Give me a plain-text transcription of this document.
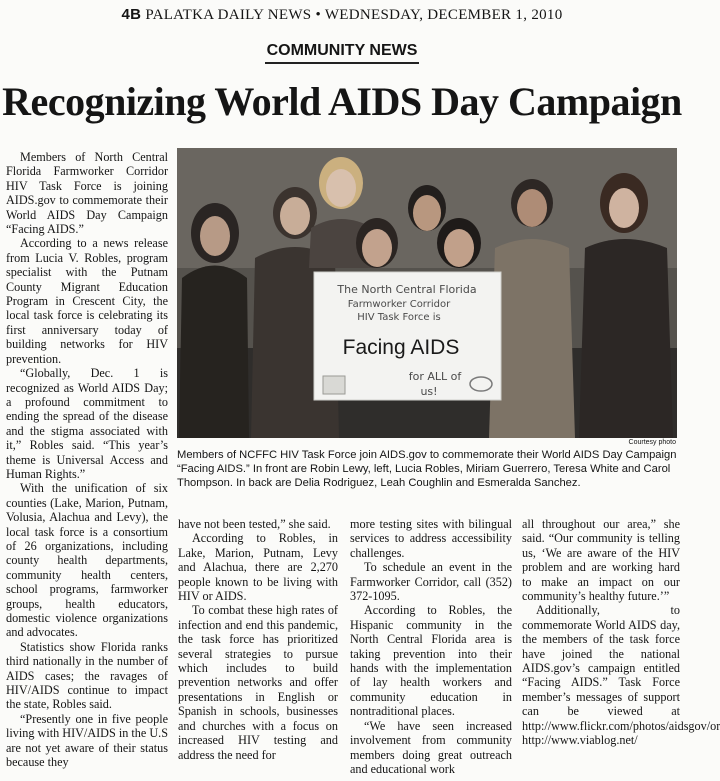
4B PALATKA DAILY NEWS • WEDNESDAY, DECEMBER 1, 2010
COMMUNITY NEWS
Recognizing World AIDS Day Campaign

Members of North Central Florida Farmworker Corridor HIV Task Force is joining AIDS.gov to commemorate their World AIDS Day Campaign “Facing AIDS.”

According to a news release from Lucia V. Robles, program specialist with the Putnam County Migrant Education Program in Crescent City, the local task force is celebrating its first anniversary today of building networks for HIV prevention.

“Globally, Dec. 1 is recognized as World AIDS Day; a profound commitment to ending the spread of the disease and the stigma associated with it,” Robles said. “This year’s theme is Universal Access and Human Rights.”

With the unification of six counties (Lake, Marion, Putnam, Volusia, Alachua and Levy), the local task force is a consortium of 26 organizations, including county health departments, community health centers, school programs, farmworker groups, health educators, domestic violence organizations and advocates.

Statistics show Florida ranks third nationally in the number of AIDS cases; the ravages of HIV/AIDS continue to impact the state, Robles said.

“Presently one in five people living with HIV/AIDS in the U.S are not yet aware of their status because they

The North Central Florida
Farmworker Corridor
HIV Task Force is
Facing AIDS
for ALL of
us!
Courtesy photo
Members of NCFFC HIV Task Force join AIDS.gov to commemorate their World AIDS Day Campaign “Facing AIDS.” In front are Robin Lewy, left, Lucia Robles, Miriam Guerrero, Teresa White and Carol Thompson. In back are Delia Rodriguez, Leah Coughlin and Esmeralda Sanchez.

have not been tested,” she said.

According to Robles, in Lake, Marion, Putnam, Levy and Alachua, there are 2,270 people known to be living with HIV or AIDS.

To combat these high rates of infection and end this pandemic, the task force has prioritized several strategies to pursue which includes to build prevention networks and offer presentations in English or Spanish in schools, businesses and churches with a focus on increased HIV testing and address the need for

more testing sites with bilingual services to address accessibility challenges.

To schedule an event in the Farmworker Corridor, call (352) 372-1095.

According to Robles, the Hispanic community in the North Central Florida area is taking prevention into their hands with the implementation of lay health workers and community education in nontraditional places.

“We have seen increased involvement from community members doing great outreach and educational work

all throughout our area,” she said. “Our community is telling us, ‘We are aware of the HIV problem and are working hard to make an impact on our community’s healthy future.’”

Additionally, to commemorate World AIDS day, the members of the task force have joined the national AIDS.gov’s campaign entitled “Facing AIDS.” Task Force member’s messages of support can be viewed at http://www.flickr.com/photos/aidsgov/or http://www.viablog.net/
